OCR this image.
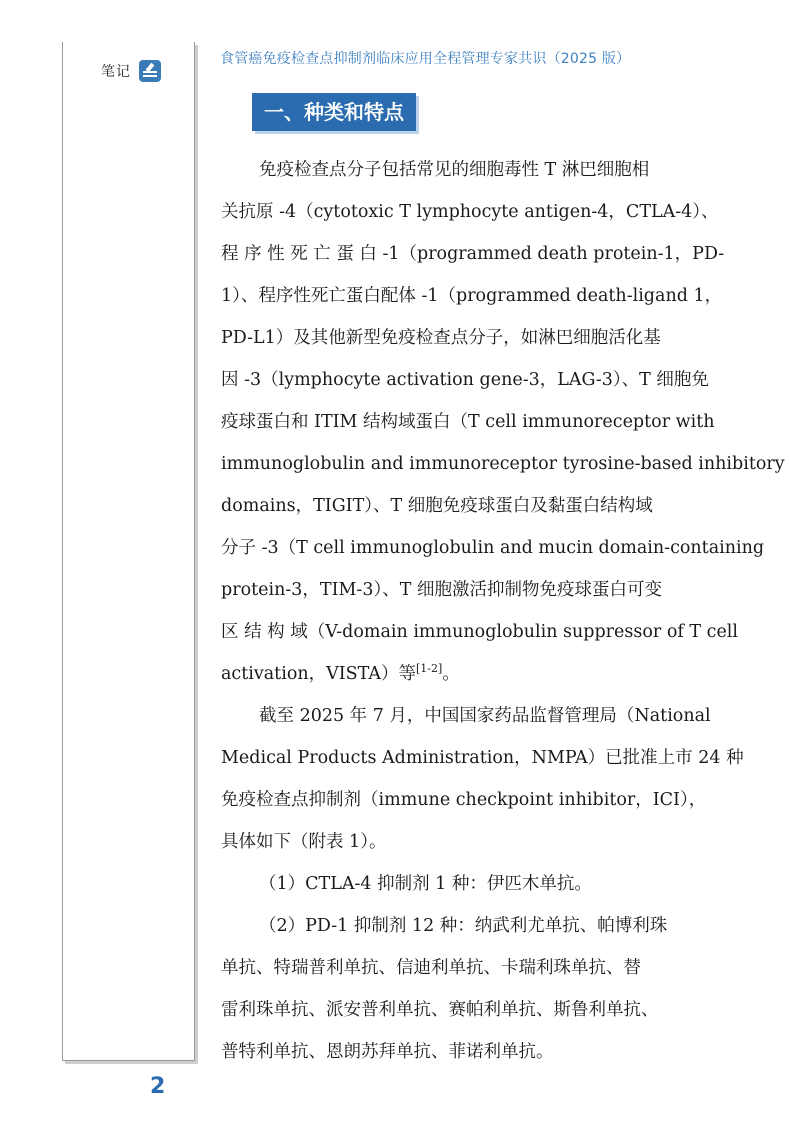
笔记
食管癌免疫检查点抑制剂临床应用全程管理专家共识（2025 版）
一、种类和特点
免疫检查点分子包括常见的细胞毒性 T 淋巴细胞相
关抗原 -4（cytotoxic T lymphocyte antigen-4，CTLA-4）、
程 序 性 死 亡 蛋 白 -1（programmed death protein-1，PD-
1）、程序性死亡蛋白配体 -1（programmed death-ligand 1，
PD-L1）及其他新型免疫检查点分子，如淋巴细胞活化基
因 -3（lymphocyte activation gene-3，LAG-3）、T 细胞免
疫球蛋白和 ITIM 结构域蛋白（T cell immunoreceptor with
immunoglobulin and immunoreceptor tyrosine-based inhibitory
domains，TIGIT）、T 细胞免疫球蛋白及黏蛋白结构域
分子 -3（T cell immunoglobulin and mucin domain-containing
protein-3，TIM-3）、T 细胞激活抑制物免疫球蛋白可变
区 结 构 域（V-domain immunoglobulin suppressor of T cell
activation，VISTA）等[1-2]。
截至 2025 年 7 月，中国国家药品监督管理局（National
Medical Products Administration，NMPA）已批准上市 24 种
免疫检查点抑制剂（immune checkpoint inhibitor，ICI），
具体如下（附表 1）。
（1）CTLA-4 抑制剂 1 种：伊匹木单抗。
（2）PD-1 抑制剂 12 种：纳武利尤单抗、帕博利珠
单抗、特瑞普利单抗、信迪利单抗、卡瑞利珠单抗、替
雷利珠单抗、派安普利单抗、赛帕利单抗、斯鲁利单抗、
普特利单抗、恩朗苏拜单抗、菲诺利单抗。
2
